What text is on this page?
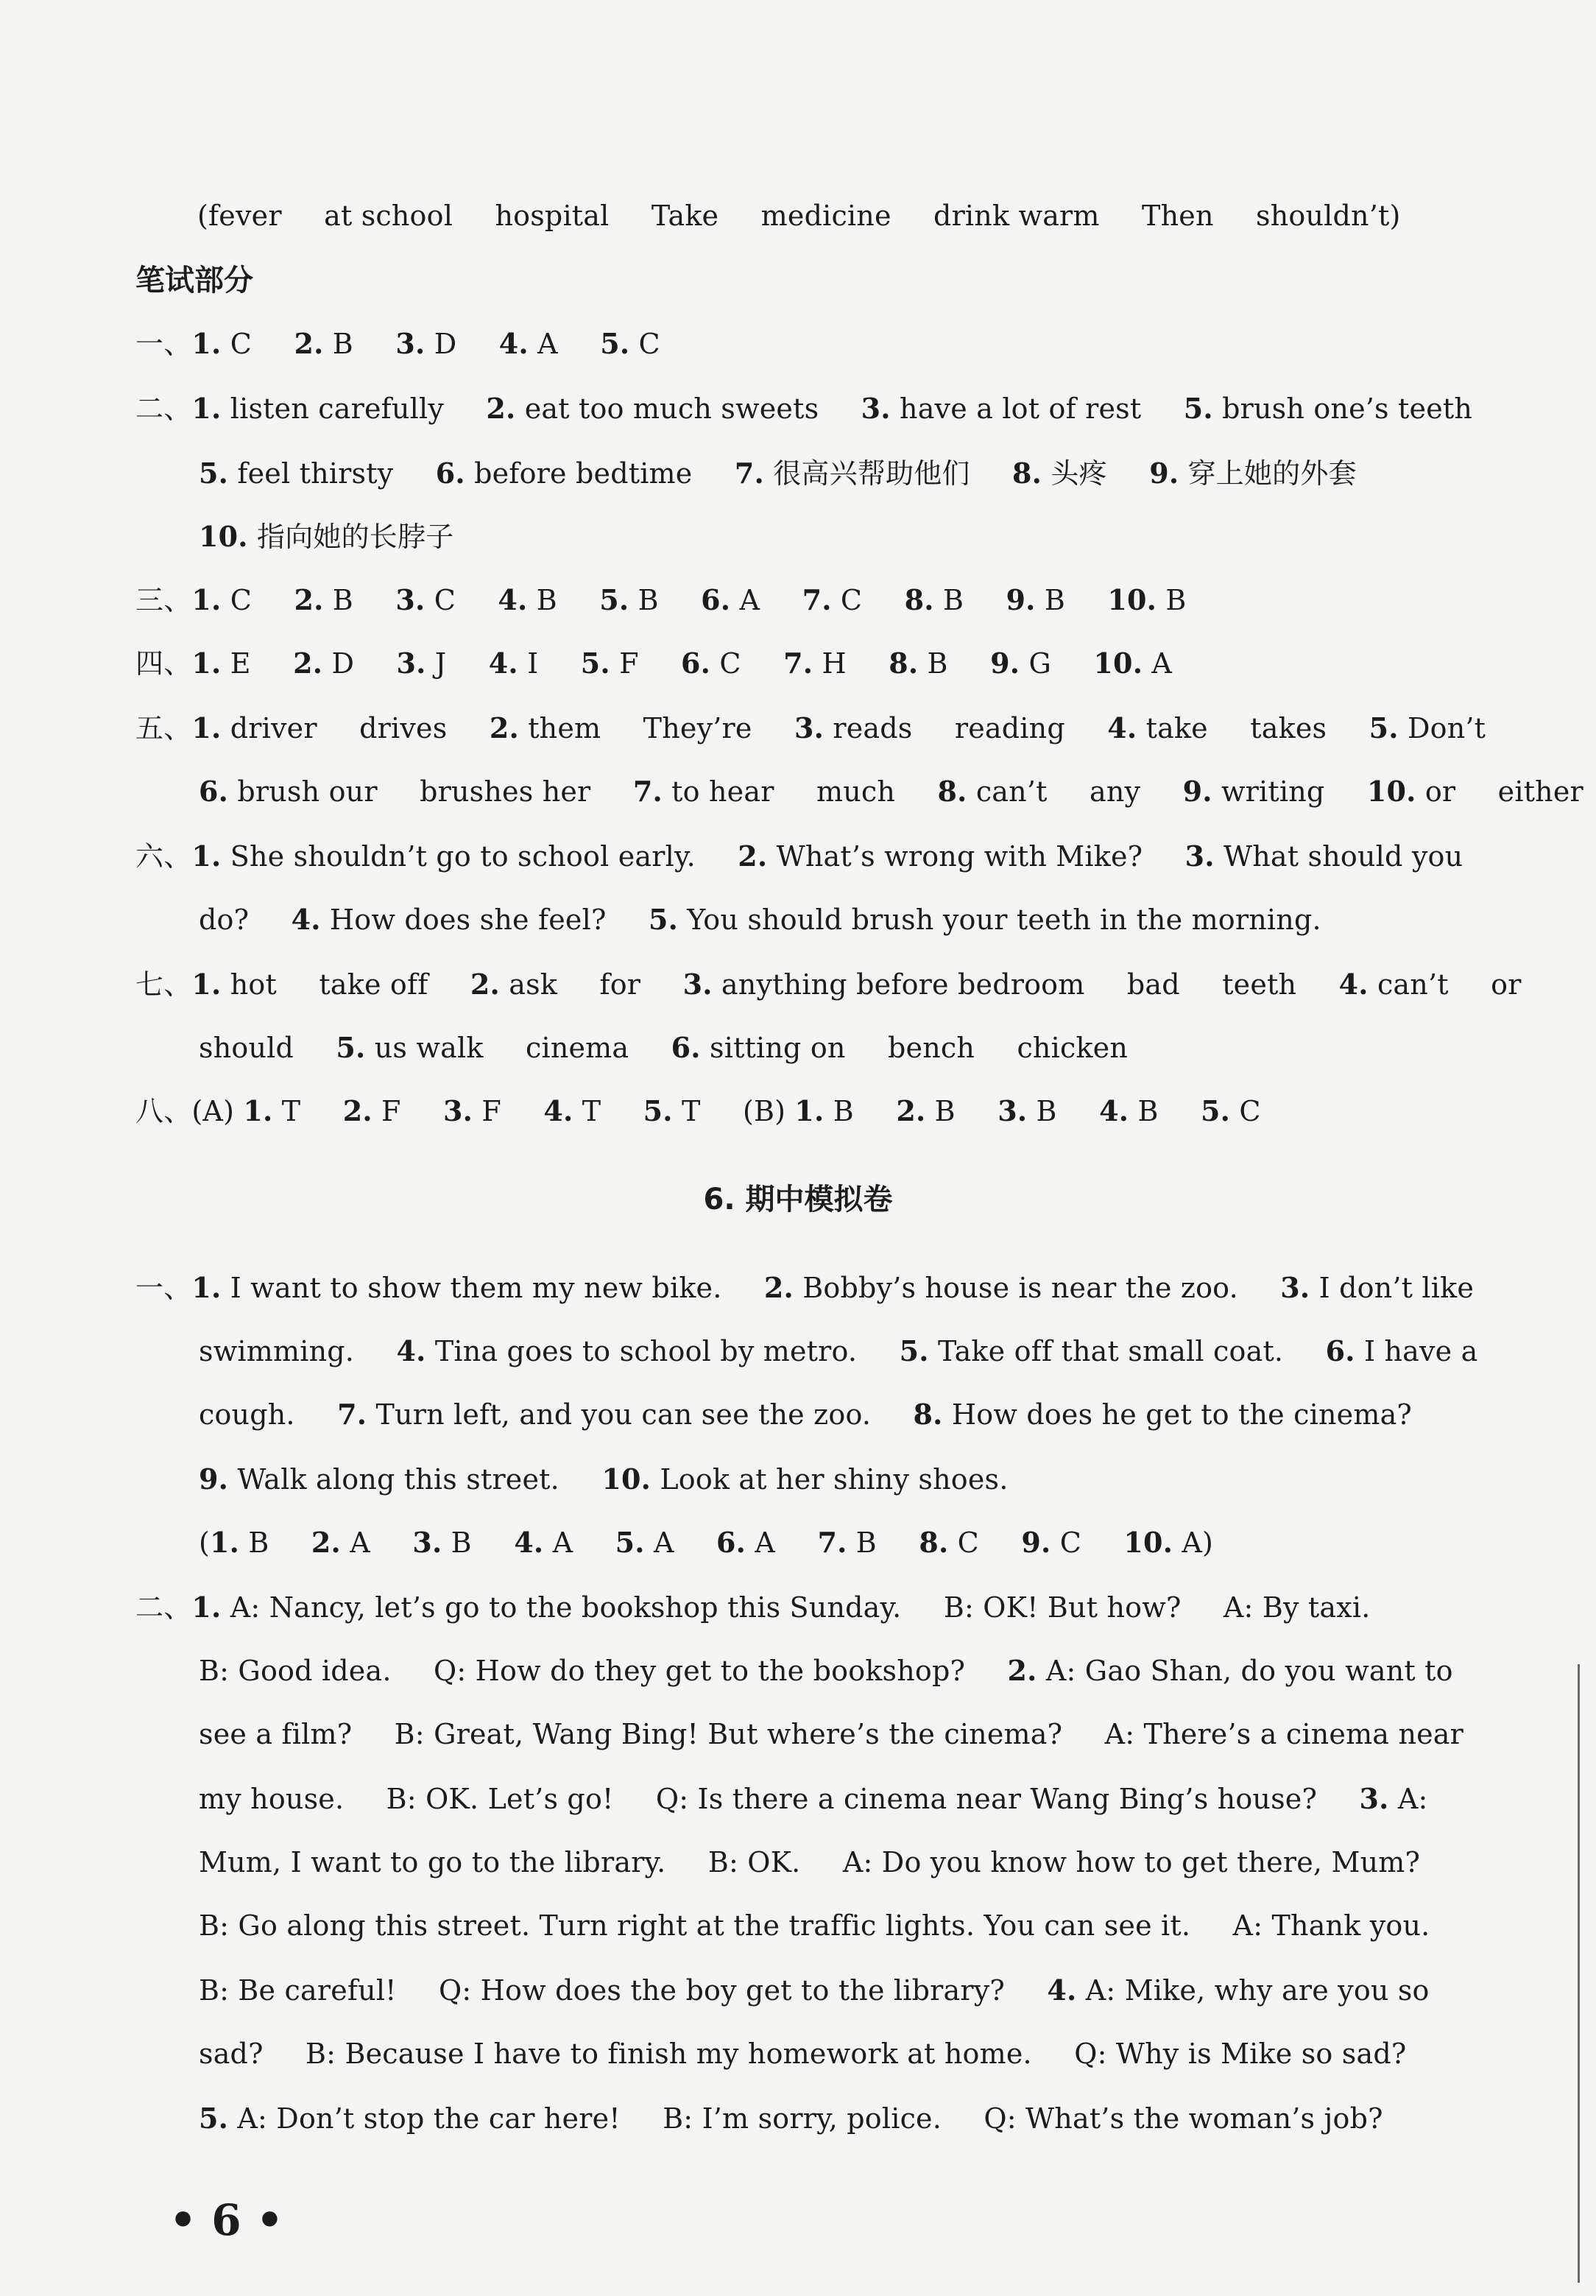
(fever  at school  hospital  Take  medicine  drink warm  Then  shouldn’t)
笔试部分
一、1. C  2. B  3. D  4. A  5. C
二、1. listen carefully  2. eat too much sweets  3. have a lot of rest  5. brush one’s teeth
5. feel thirsty  6. before bedtime  7. 很高兴帮助他们  8. 头疼  9. 穿上她的外套
10. 指向她的长脖子
三、1. C  2. B  3. C  4. B  5. B  6. A  7. C  8. B  9. B  10. B
四、1. E  2. D  3. J  4. I  5. F  6. C  7. H  8. B  9. G  10. A
五、1. driver  drives  2. them  They’re  3. reads  reading  4. take  takes  5. Don’t
6. brush our  brushes her  7. to hear  much  8. can’t  any  9. writing  10. or  either
六、1. She shouldn’t go to school early.  2. What’s wrong with Mike?  3. What should you
do?  4. How does she feel?  5. You should brush your teeth in the morning.
七、1. hot  take off  2. ask  for  3. anything before bedroom  bad  teeth  4. can’t  or
should  5. us walk  cinema  6. sitting on  bench  chicken
八、(A) 1. T  2. F  3. F  4. T  5. T  (B) 1. B  2. B  3. B  4. B  5. C
6. 期中模拟卷
一、1. I want to show them my new bike.  2. Bobby’s house is near the zoo.  3. I don’t like
swimming.  4. Tina goes to school by metro.  5. Take off that small coat.  6. I have a
cough.  7. Turn left, and you can see the zoo.  8. How does he get to the cinema?
9. Walk along this street.  10. Look at her shiny shoes.
(1. B  2. A  3. B  4. A  5. A  6. A  7. B  8. C  9. C  10. A)
二、1. A: Nancy, let’s go to the bookshop this Sunday.  B: OK! But how?  A: By taxi.
B: Good idea.  Q: How do they get to the bookshop?  2. A: Gao Shan, do you want to
see a film?  B: Great, Wang Bing! But where’s the cinema?  A: There’s a cinema near
my house.  B: OK. Let’s go!  Q: Is there a cinema near Wang Bing’s house?  3. A:
Mum, I want to go to the library.  B: OK.  A: Do you know how to get there, Mum?
B: Go along this street. Turn right at the traffic lights. You can see it.  A: Thank you.
B: Be careful!  Q: How does the boy get to the library?  4. A: Mike, why are you so
sad?  B: Because I have to finish my homework at home.  Q: Why is Mike so sad?
5. A: Don’t stop the car here!  B: I’m sorry, police.  Q: What’s the woman’s job?
• 6 •
